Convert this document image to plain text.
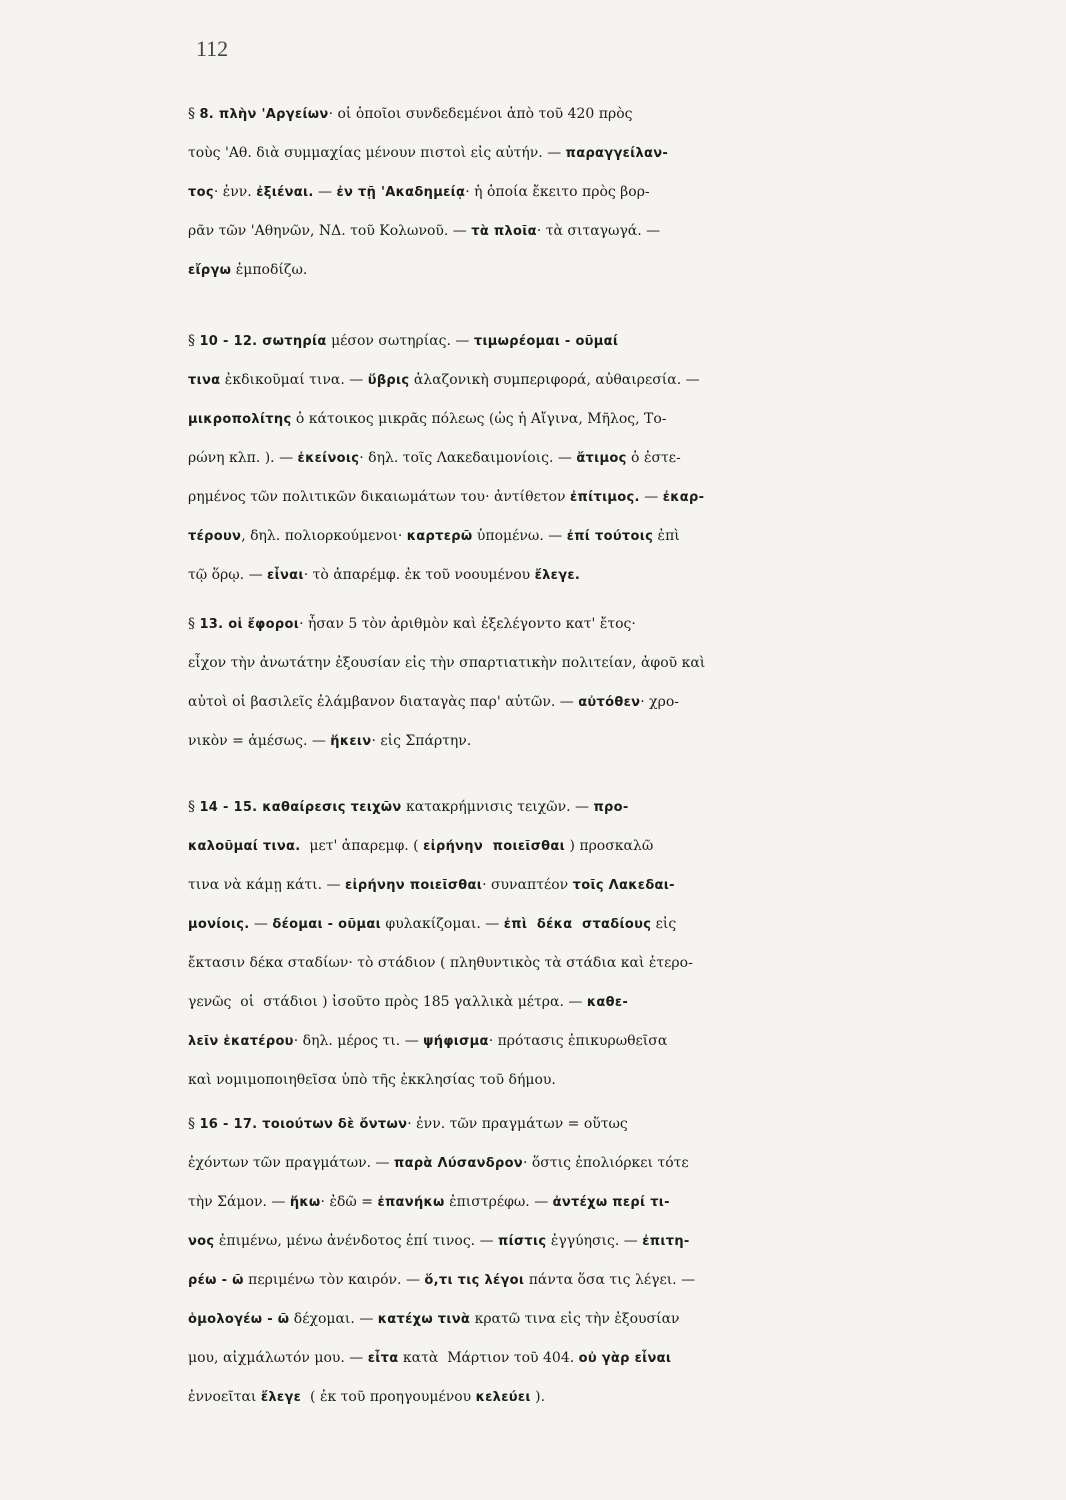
112
§ 8. πλὴν 'Αργείων· οἱ ὁποῖοι συνδεδεμένοι ἀπὸ τοῦ 420 πρὸς
τοὺς 'Αθ. διὰ συμμαχίας μένουν πιστοὶ εἰς αὐτήν. — παραγγείλαν-
τος· ἐνν. ἐξιέναι. — ἐν τῇ 'Ακαδημείᾳ· ἡ ὁποία ἔκειτο πρὸς βορ-
ρᾶν τῶν 'Αθηνῶν, ΝΔ. τοῦ Κολωνοῦ. — τὰ πλοῖα· τὰ σιταγωγά. —
εἴργω ἐμποδίζω.
§ 10 - 12. σωτηρία μέσον σωτηρίας. — τιμωρέομαι - οῦμαί
τινα ἐκδικοῦμαί τινα. — ὕβρις ἀλαζονικὴ συμπεριφορά, αὐθαιρεσία. —
μικροπολίτης ὁ κάτοικος μικρᾶς πόλεως (ὡς ἡ Αἴγινα, Μῆλος, Το-
ρώνη κλπ. ). — ἐκείνοις· δηλ. τοῖς Λακεδαιμονίοις. — ἄτιμος ὁ ἐστε-
ρημένος τῶν πολιτικῶν δικαιωμάτων του· ἀντίθετον ἐπίτιμος. — ἐκαρ-
τέρουν, δηλ. πολιορκούμενοι· καρτερῶ ὑπομένω. — ἐπί τούτοις ἐπὶ
τῷ ὅρῳ. — εἶναι· τὸ ἀπαρέμφ. ἐκ τοῦ νοουμένου ἔλεγε.
§ 13. οἱ ἔφοροι· ἦσαν 5 τὸν ἀριθμὸν καὶ ἐξελέγοντο κατ' ἔτος·
εἶχον τὴν ἀνωτάτην ἐξουσίαν εἰς τὴν σπαρτιατικὴν πολιτείαν, ἀφοῦ καὶ
αὐτοὶ οἱ βασιλεῖς ἐλάμβανον διαταγὰς παρ' αὐτῶν. — αὐτόθεν· χρο-
νικὸν = ἀμέσως. — ἥκειν· εἰς Σπάρτην.
§ 14 - 15. καθαίρεσις τειχῶν κατακρήμνισις τειχῶν. — προ-
καλοῦμαί τινα.  μετ' ἀπαρεμφ. ( εἰρήνην  ποιεῖσθαι ) προσκαλῶ
τινα νὰ κάμῃ κάτι. — εἰρήνην ποιεῖσθαι· συναπτέον τοῖς Λακεδαι-
μονίοις. — δέομαι - οῦμαι φυλακίζομαι. — ἐπὶ  δέκα  σταδίους εἰς
ἔκτασιν δέκα σταδίων· τὸ στάδιον ( πληθυντικὸς τὰ στάδια καὶ ἑτερο-
γενῶς  οἱ  στάδιοι ) ἰσοῦτο πρὸς 185 γαλλικὰ μέτρα. — καθε-
λεῖν ἑκατέρου· δηλ. μέρος τι. — ψήφισμα· πρότασις ἐπικυρωθεῖσα
καὶ νομιμοποιηθεῖσα ὑπὸ τῆς ἐκκλησίας τοῦ δήμου.
§ 16 - 17. τοιούτων δὲ ὄντων· ἐνν. τῶν πραγμάτων = οὕτως
ἐχόντων τῶν πραγμάτων. — παρὰ Λύσανδρον· ὅστις ἐπολιόρκει τότε
τὴν Σάμον. — ἥκω· ἐδῶ = ἐπανήκω ἐπιστρέφω. — ἀντέχω περί τι-
νος ἐπιμένω, μένω ἀνένδοτος ἐπί τινος. — πίστις ἐγγύησις. — ἐπιτη-
ρέω - ῶ περιμένω τὸν καιρόν. — ὅ,τι τις λέγοι πάντα ὅσα τις λέγει. —
ὁμολογέω - ῶ δέχομαι. — κατέχω τινὰ κρατῶ τινα εἰς τὴν ἐξουσίαν
μου, αἰχμάλωτόν μου. — εἶτα κατὰ  Μάρτιον τοῦ 404. οὐ γὰρ εἶναι
ἐννοεῖται ἔλεγε  ( ἐκ τοῦ προηγουμένου κελεύει ).
